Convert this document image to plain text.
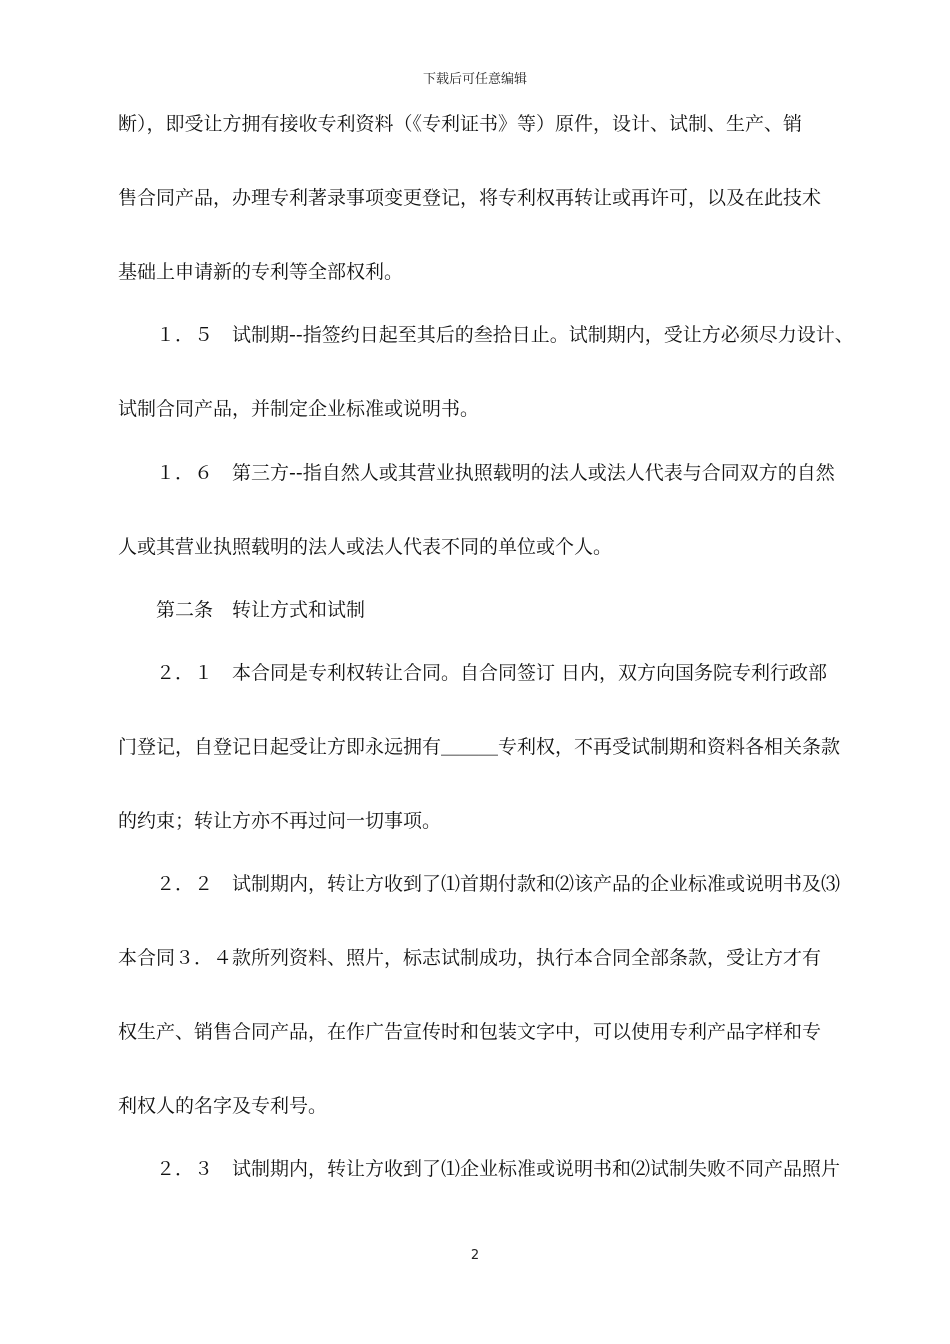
下载后可任意编辑
断），即受让方拥有接收专利资料（《专利证书》等）原件，设计、试制、生产、销
售合同产品，办理专利著录事项变更登记，将专利权再转让或再许可，以及在此技术
基础上申请新的专利等全部权利。
１．５　试制期--指签约日起至其后的叁拾日止。试制期内，受让方必须尽力设计、
试制合同产品，并制定企业标准或说明书。
１．６　第三方--指自然人或其营业执照载明的法人或法人代表与合同双方的自然
人或其营业执照载明的法人或法人代表不同的单位或个人。
第二条　转让方式和试制
２．１　本合同是专利权转让合同。自合同签订 日内，双方向国务院专利行政部
门登记，自登记日起受让方即永远拥有＿＿＿专利权，不再受试制期和资料各相关条款
的约束；转让方亦不再过问一切事项。
２．２　试制期内，转让方收到了⑴首期付款和⑵该产品的企业标准或说明书及⑶
本合同３．４款所列资料、照片，标志试制成功，执行本合同全部条款，受让方才有
权生产、销售合同产品，在作广告宣传时和包装文字中，可以使用专利产品字样和专
利权人的名字及专利号。
２．３　试制期内，转让方收到了⑴企业标准或说明书和⑵试制失败不同产品照片
2
